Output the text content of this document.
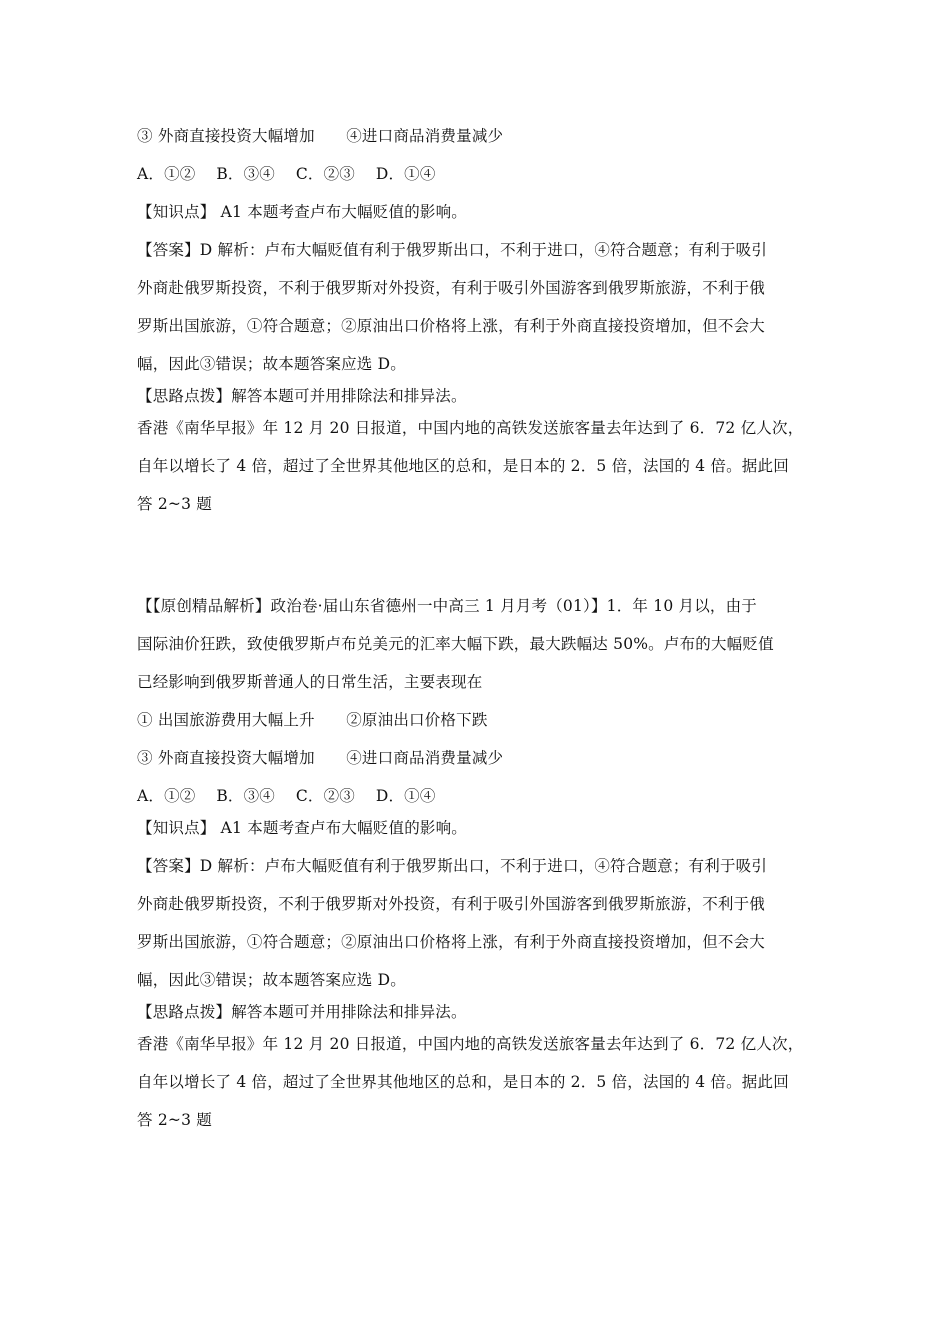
③ 外商直接投资大幅增加　　④进口商品消费量减少

A．①②　 B．③④　 C．②③　 D．①④

【知识点】 A1 本题考查卢布大幅贬值的影响。

【答案】D 解析：卢布大幅贬值有利于俄罗斯出口，不利于进口，④符合题意；有利于吸引

外商赴俄罗斯投资，不利于俄罗斯对外投资，有利于吸引外国游客到俄罗斯旅游，不利于俄

罗斯出国旅游，①符合题意；②原油出口价格将上涨，有利于外商直接投资增加，但不会大

幅，因此③错误；故本题答案应选 D。

【思路点拨】解答本题可并用排除法和排异法。

香港《南华早报》年 12 月 20 日报道，中国内地的高铁发送旅客量去年达到了 6．72 亿人次，

自年以增长了 4 倍，超过了全世界其他地区的总和，是日本的 2．5 倍，法国的 4 倍。据此回

答 2~3 题

【【原创精品解析】政治卷·届山东省德州一中高三 1 月月考（01）】1．年 10 月以，由于

国际油价狂跌，致使俄罗斯卢布兑美元的汇率大幅下跌，最大跌幅达 50%。卢布的大幅贬值

已经影响到俄罗斯普通人的日常生活，主要表现在

① 出国旅游费用大幅上升　　②原油出口价格下跌

③ 外商直接投资大幅增加　　④进口商品消费量减少

A．①②　 B．③④　 C．②③　 D．①④

【知识点】 A1 本题考查卢布大幅贬值的影响。

【答案】D 解析：卢布大幅贬值有利于俄罗斯出口，不利于进口，④符合题意；有利于吸引

外商赴俄罗斯投资，不利于俄罗斯对外投资，有利于吸引外国游客到俄罗斯旅游，不利于俄

罗斯出国旅游，①符合题意；②原油出口价格将上涨，有利于外商直接投资增加，但不会大

幅，因此③错误；故本题答案应选 D。

【思路点拨】解答本题可并用排除法和排异法。

香港《南华早报》年 12 月 20 日报道，中国内地的高铁发送旅客量去年达到了 6．72 亿人次，

自年以增长了 4 倍，超过了全世界其他地区的总和，是日本的 2．5 倍，法国的 4 倍。据此回

答 2~3 题
